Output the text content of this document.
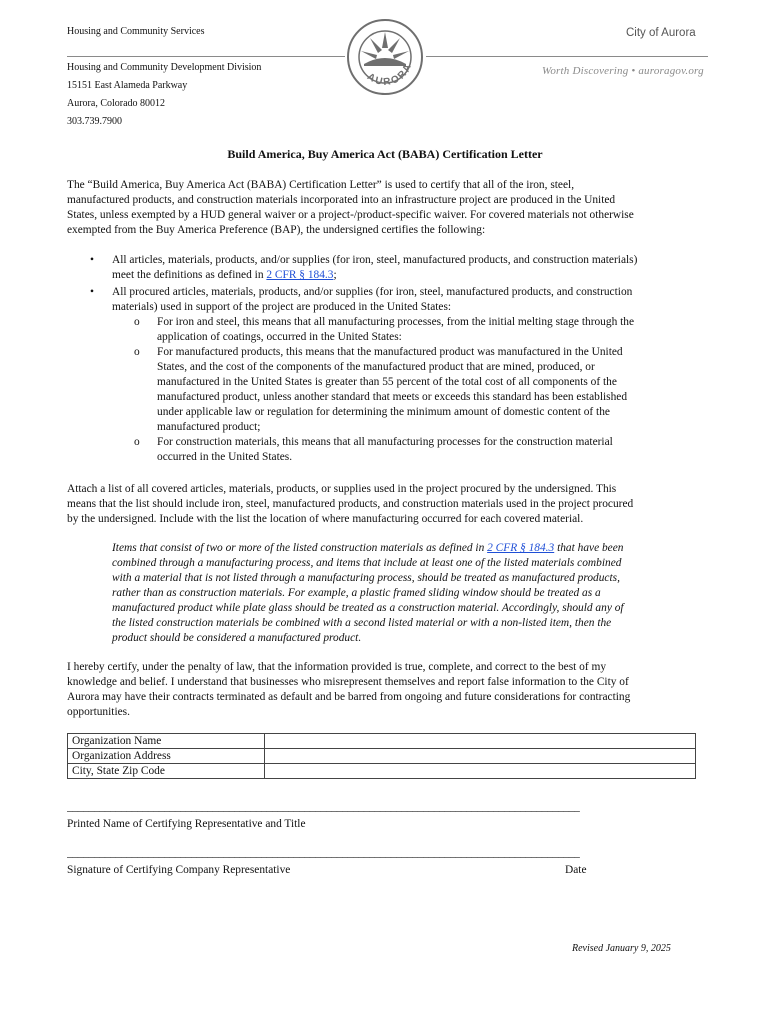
Housing and Community Services
AURORA
City of Aurora
Worth Discovering • auroragov.org
Housing and Community Development Division
15151 East Alameda Parkway
Aurora, Colorado 80012
303.739.7900
Build America, Buy America Act (BABA) Certification Letter
The “Build America, Buy America Act (BABA) Certification Letter” is used to certify that all of the iron, steel,
manufactured products, and construction materials incorporated into an infrastructure project are produced in the United
States, unless exempted by a HUD general waiver or a project-/product-specific waiver. For covered materials not otherwise
exempted from the Buy America Preference (BAP), the undersigned certifies the following:
• All articles, materials, products, and/or supplies (for iron, steel, manufactured products, and construction materials)
meet the definitions as defined in 2 CFR § 184.3;
• All procured articles, materials, products, and/or supplies (for iron, steel, manufactured products, and construction
materials) used in support of the project are produced in the United States:
o For iron and steel, this means that all manufacturing processes, from the initial melting stage through the
application of coatings, occurred in the United States:
o For manufactured products, this means that the manufactured product was manufactured in the United
States, and the cost of the components of the manufactured product that are mined, produced, or
manufactured in the United States is greater than 55 percent of the total cost of all components of the
manufactured product, unless another standard that meets or exceeds this standard has been established
under applicable law or regulation for determining the minimum amount of domestic content of the
manufactured product;
o For construction materials, this means that all manufacturing processes for the construction material
occurred in the United States.
Attach a list of all covered articles, materials, products, or supplies used in the project procured by the undersigned. This
means that the list should include iron, steel, manufactured products, and construction materials used in the project procured
by the undersigned. Include with the list the location of where manufacturing occurred for each covered material.
Items that consist of two or more of the listed construction materials as defined in 2 CFR § 184.3 that have been
combined through a manufacturing process, and items that include at least one of the listed materials combined
with a material that is not listed through a manufacturing process, should be treated as manufactured products,
rather than as construction materials. For example, a plastic framed sliding window should be treated as a
manufactured product while plate glass should be treated as a construction material. Accordingly, should any of
the listed construction materials be combined with a second listed material or with a non-listed item, then the
product should be considered a manufactured product.
I hereby certify, under the penalty of law, that the information provided is true, complete, and correct to the best of my
knowledge and belief. I understand that businesses who misrepresent themselves and report false information to the City of
Aurora may have their contracts terminated as default and be barred from ongoing and future considerations for contracting
opportunities.
Organization Name	
Organization Address	
City, State Zip Code	
_______________________________________________________________________________________________
Printed Name of Certifying Representative and Title
_______________________________________________________________________________________________
Signature of Certifying Company Representative	Date
Revised January 9, 2025
